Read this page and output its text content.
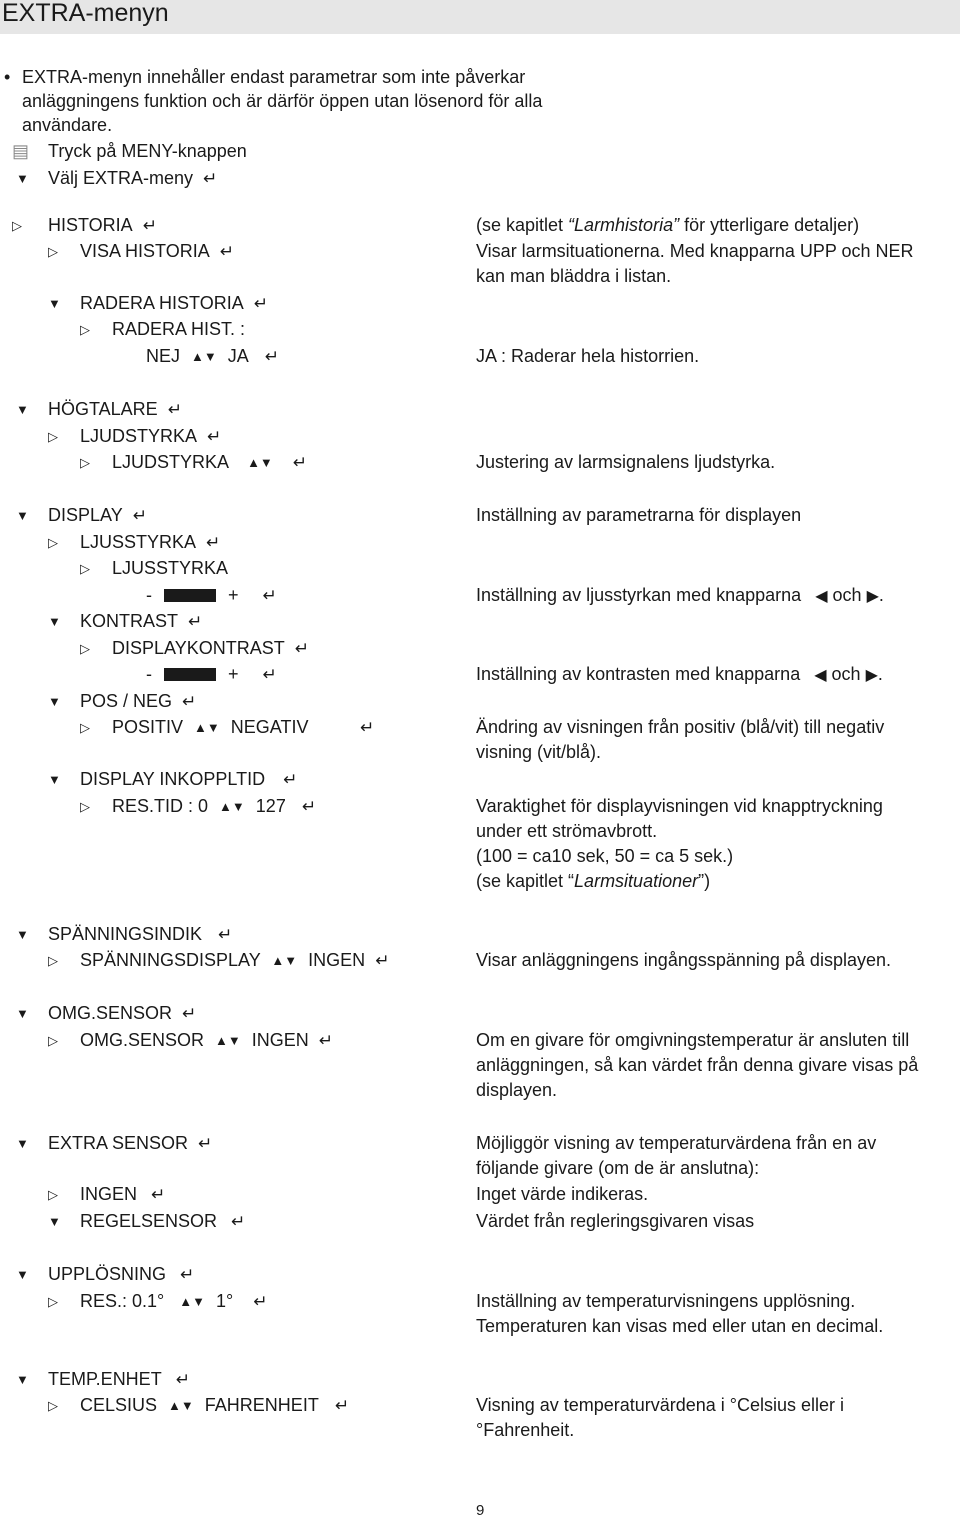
EXTRA-menyn
• EXTRA-menyn innehåller endast parametrar som inte påverkar
anläggningens funktion och är därför öppen utan lösenord för alla
användare.
▤ Tryck på MENY-knappen
▼ Välj EXTRA-meny ↵
▷ HISTORIA ↵	(se kapitlet “Larmhistoria” för ytterligare detaljer)
▷ VISA HISTORIA ↵	Visar larmsituationerna. Med knapparna UPP och NER
kan man bläddra i listan.
▼ RADERA HISTORIA ↵
▷ RADERA HIST. :
NEJ ▲▼ JA ↵	JA : Raderar hela historrien.
▼ HÖGTALARE ↵
▷ LJUDSTYRKA ↵
▷ LJUDSTYRKA ▲▼ ↵	Justering av larmsignalens ljudstyrka.
▼ DISPLAY ↵	Inställning av parametrarna för displayen
▷ LJUSSTYRKA ↵
▷ LJUSSTYRKA
-	+ ↵	Inställning av ljusstyrkan med knapparna ◀ och ▶.
▼ KONTRAST ↵
▷ DISPLAYKONTRAST ↵
-	+ ↵	Inställning av kontrasten med knapparna ◀ och ▶.
▼ POS / NEG ↵
▷ POSITIV ▲▼ NEGATIV	↵	Ändring av visningen från positiv (blå/vit) till negativ
visning (vit/blå).
▼ DISPLAY INKOPPLTID ↵
▷ RES.TID : 0 ▲▼ 127 ↵	Varaktighet för displayvisningen vid knapptryckning
under ett strömavbrott.
(100 = ca10 sek, 50 = ca 5 sek.)
(se kapitlet “Larmsituationer”)
▼ SPÄNNINGSINDIK ↵
▷ SPÄNNINGSDISPLAY ▲▼ INGEN ↵	Visar anläggningens ingångsspänning på displayen.
▼ OMG.SENSOR ↵
▷ OMG.SENSOR ▲▼ INGEN ↵	Om en givare för omgivningstemperatur är ansluten till
anläggningen, så kan värdet från denna givare visas på
displayen.
▼ EXTRA SENSOR ↵	Möjliggör visning av temperaturvärdena från en av
följande givare (om de är anslutna):
▷ INGEN ↵	Inget värde indikeras.
▼ REGELSENSOR ↵	Värdet från regleringsgivaren visas
▼ UPPLÖSNING ↵
▷ RES.: 0.1° ▲▼ 1° ↵	Inställning av temperaturvisningens upplösning.
Temperaturen kan visas med eller utan en decimal.
▼ TEMP.ENHET ↵
▷ CELSIUS ▲▼ FAHRENHEIT ↵	Visning av temperaturvärdena i °Celsius eller i
°Fahrenheit.
9
